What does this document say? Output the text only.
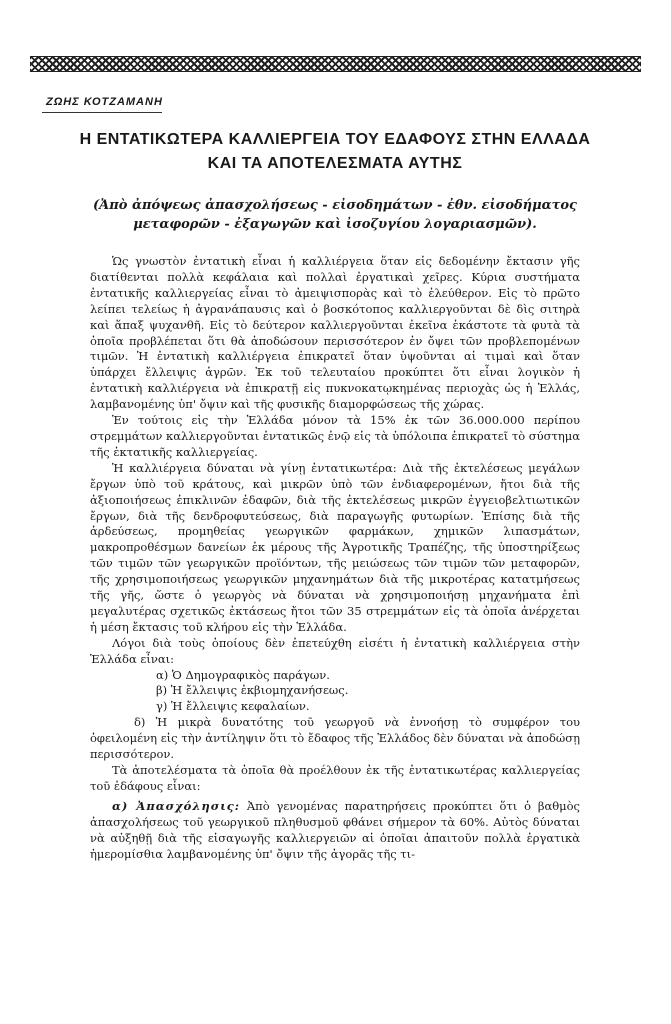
ΖΩΗΣ ΚΟΤΖΑΜΑΝΗ
Η ΕΝΤΑΤΙΚΩΤΕΡΑ ΚΑΛΛΙΕΡΓΕΙΑ ΤΟΥ ΕΔΑΦΟΥΣ ΣΤΗΝ ΕΛΛΑΔΑ
ΚΑΙ ΤΑ ΑΠΟΤΕΛΕΣΜΑΤΑ ΑΥΤΗΣ
(Ἀπὸ ἀπόψεως ἀπασχολήσεως - εἰσοδημάτων - ἐθν. εἰσοδήματος
μεταφορῶν - ἐξαγωγῶν καὶ ἰσοζυγίου λογαριασμῶν).

Ὡς γνωστὸν ἐντατικὴ εἶναι ἡ καλλιέργεια ὅταν εἰς δεδομένην ἔκτασιν γῆς διατίθενται πολλὰ κεφάλαια καὶ πολλαὶ ἐργατικαὶ χεῖρες. Κύρια συστήματα ἐντατικῆς καλλιεργείας εἶναι τὸ ἀμειψισπορὰς καὶ τὸ ἐλεύθερον. Εἰς τὸ πρῶτο λείπει τελείως ἡ ἀγρανάπαυσις καὶ ὁ βοσκότοπος καλλιεργοῦνται δὲ δὶς σιτηρὰ καὶ ἅπαξ ψυχανθῆ. Εἰς τὸ δεύτερον καλλιεργοῦνται ἐκεῖνα ἑκάστοτε τὰ φυτὰ τὰ ὁποῖα προβλέπεται ὅτι θὰ ἀποδώσουν περισσότερον ἐν ὄψει τῶν προβλεπομένων τιμῶν. Ἡ ἐντατικὴ καλλιέργεια ἐπικρατεῖ ὅταν ὑψοῦνται αἱ τιμαὶ καὶ ὅταν ὑπάρχει ἔλλειψις ἀγρῶν. Ἐκ τοῦ τελευταίου προκύπτει ὅτι εἶναι λογικὸν ἡ ἐντατικὴ καλλιέργεια νὰ ἐπικρατῇ εἰς πυκνοκατῳκημένας περιοχὰς ὡς ἡ Ἑλλάς, λαμβανομένης ὑπ' ὄψιν καὶ τῆς φυσικῆς διαμορφώσεως τῆς χώρας.

Ἐν τούτοις εἰς τὴν Ἑλλάδα μόνον τὰ 15% ἐκ τῶν 36.000.000 περίπου στρεμμάτων καλλιεργοῦνται ἐντατικῶς ἐνῷ εἰς τὰ ὑπόλοιπα ἐπικρατεῖ τὸ σύστημα τῆς ἐκτατικῆς καλλιεργείας.

Ἡ καλλιέργεια δύναται νὰ γίνῃ ἐντατικωτέρα: Διὰ τῆς ἐκτελέσεως μεγάλων ἔργων ὑπὸ τοῦ κράτους, καὶ μικρῶν ὑπὸ τῶν ἐνδιαφερομένων, ἤτοι διὰ τῆς ἀξιοποιήσεως ἐπικλινῶν ἐδαφῶν, διὰ τῆς ἐκτελέσεως μικρῶν ἐγγειοβελτιωτικῶν ἔργων, διὰ τῆς δενδροφυτεύσεως, διὰ παραγωγῆς φυτωρίων. Ἐπίσης διὰ τῆς ἀρδεύσεως, προμηθείας γεωργικῶν φαρμάκων, χημικῶν λιπασμάτων, μακροπροθέσμων δανείων ἐκ μέρους τῆς Ἀγροτικῆς Τραπέζης, τῆς ὑποστηρίξεως τῶν τιμῶν τῶν γεωργικῶν προϊόντων, τῆς μειώσεως τῶν τιμῶν τῶν μεταφορῶν, τῆς χρησιμοποιήσεως γεωργικῶν μηχανημάτων διὰ τῆς μικροτέρας κατατμήσεως τῆς γῆς, ὥστε ὁ γεωργὸς νὰ δύναται νὰ χρησιμοποιήσῃ μηχανήματα ἐπὶ μεγαλυτέρας σχετικῶς ἐκτάσεως ἤτοι τῶν 35 στρεμμάτων εἰς τὰ ὁποῖα ἀνέρχεται ἡ μέση ἔκτασις τοῦ κλήρου εἰς τὴν Ἑλλάδα.

Λόγοι διὰ τοὺς ὁποίους δὲν ἐπετεύχθη εἰσέτι ἡ ἐντατικὴ καλλιέργεια στὴν Ἑλλάδα εἶναι:

α) Ὁ Δημογραφικὸς παράγων.

β) Ἡ ἔλλειψις ἐκβιομηχανήσεως.

γ) Ἡ ἔλλειψις κεφαλαίων.

δ) Ἡ μικρὰ δυνατότης τοῦ γεωργοῦ νὰ ἐννοήσῃ τὸ συμφέρον του ὀφειλομένη εἰς τὴν ἀντίληψιν ὅτι τὸ ἔδαφος τῆς Ἑλλάδος δὲν δύναται νὰ ἀποδώσῃ περισσότερον.

Τὰ ἀποτελέσματα τὰ ὁποῖα θὰ προέλθουν ἐκ τῆς ἐντατικωτέρας καλλιεργείας τοῦ ἐδάφους εἶναι:

α) Ἀπασχόλησις: Ἀπὸ γενομένας παρατηρήσεις προκύπτει ὅτι ὁ βαθμὸς ἀπασχολήσεως τοῦ γεωργικοῦ πληθυσμοῦ φθάνει σήμερον τὰ 60%. Αὐτὸς δύναται νὰ αὐξηθῇ διὰ τῆς εἰσαγωγῆς καλλιεργειῶν αἱ ὁποῖαι ἀπαιτοῦν πολλὰ ἐργατικὰ ἡμερομίσθια λαμβανομένης ὑπ' ὄψιν τῆς ἀγορᾶς τῆς τι-
